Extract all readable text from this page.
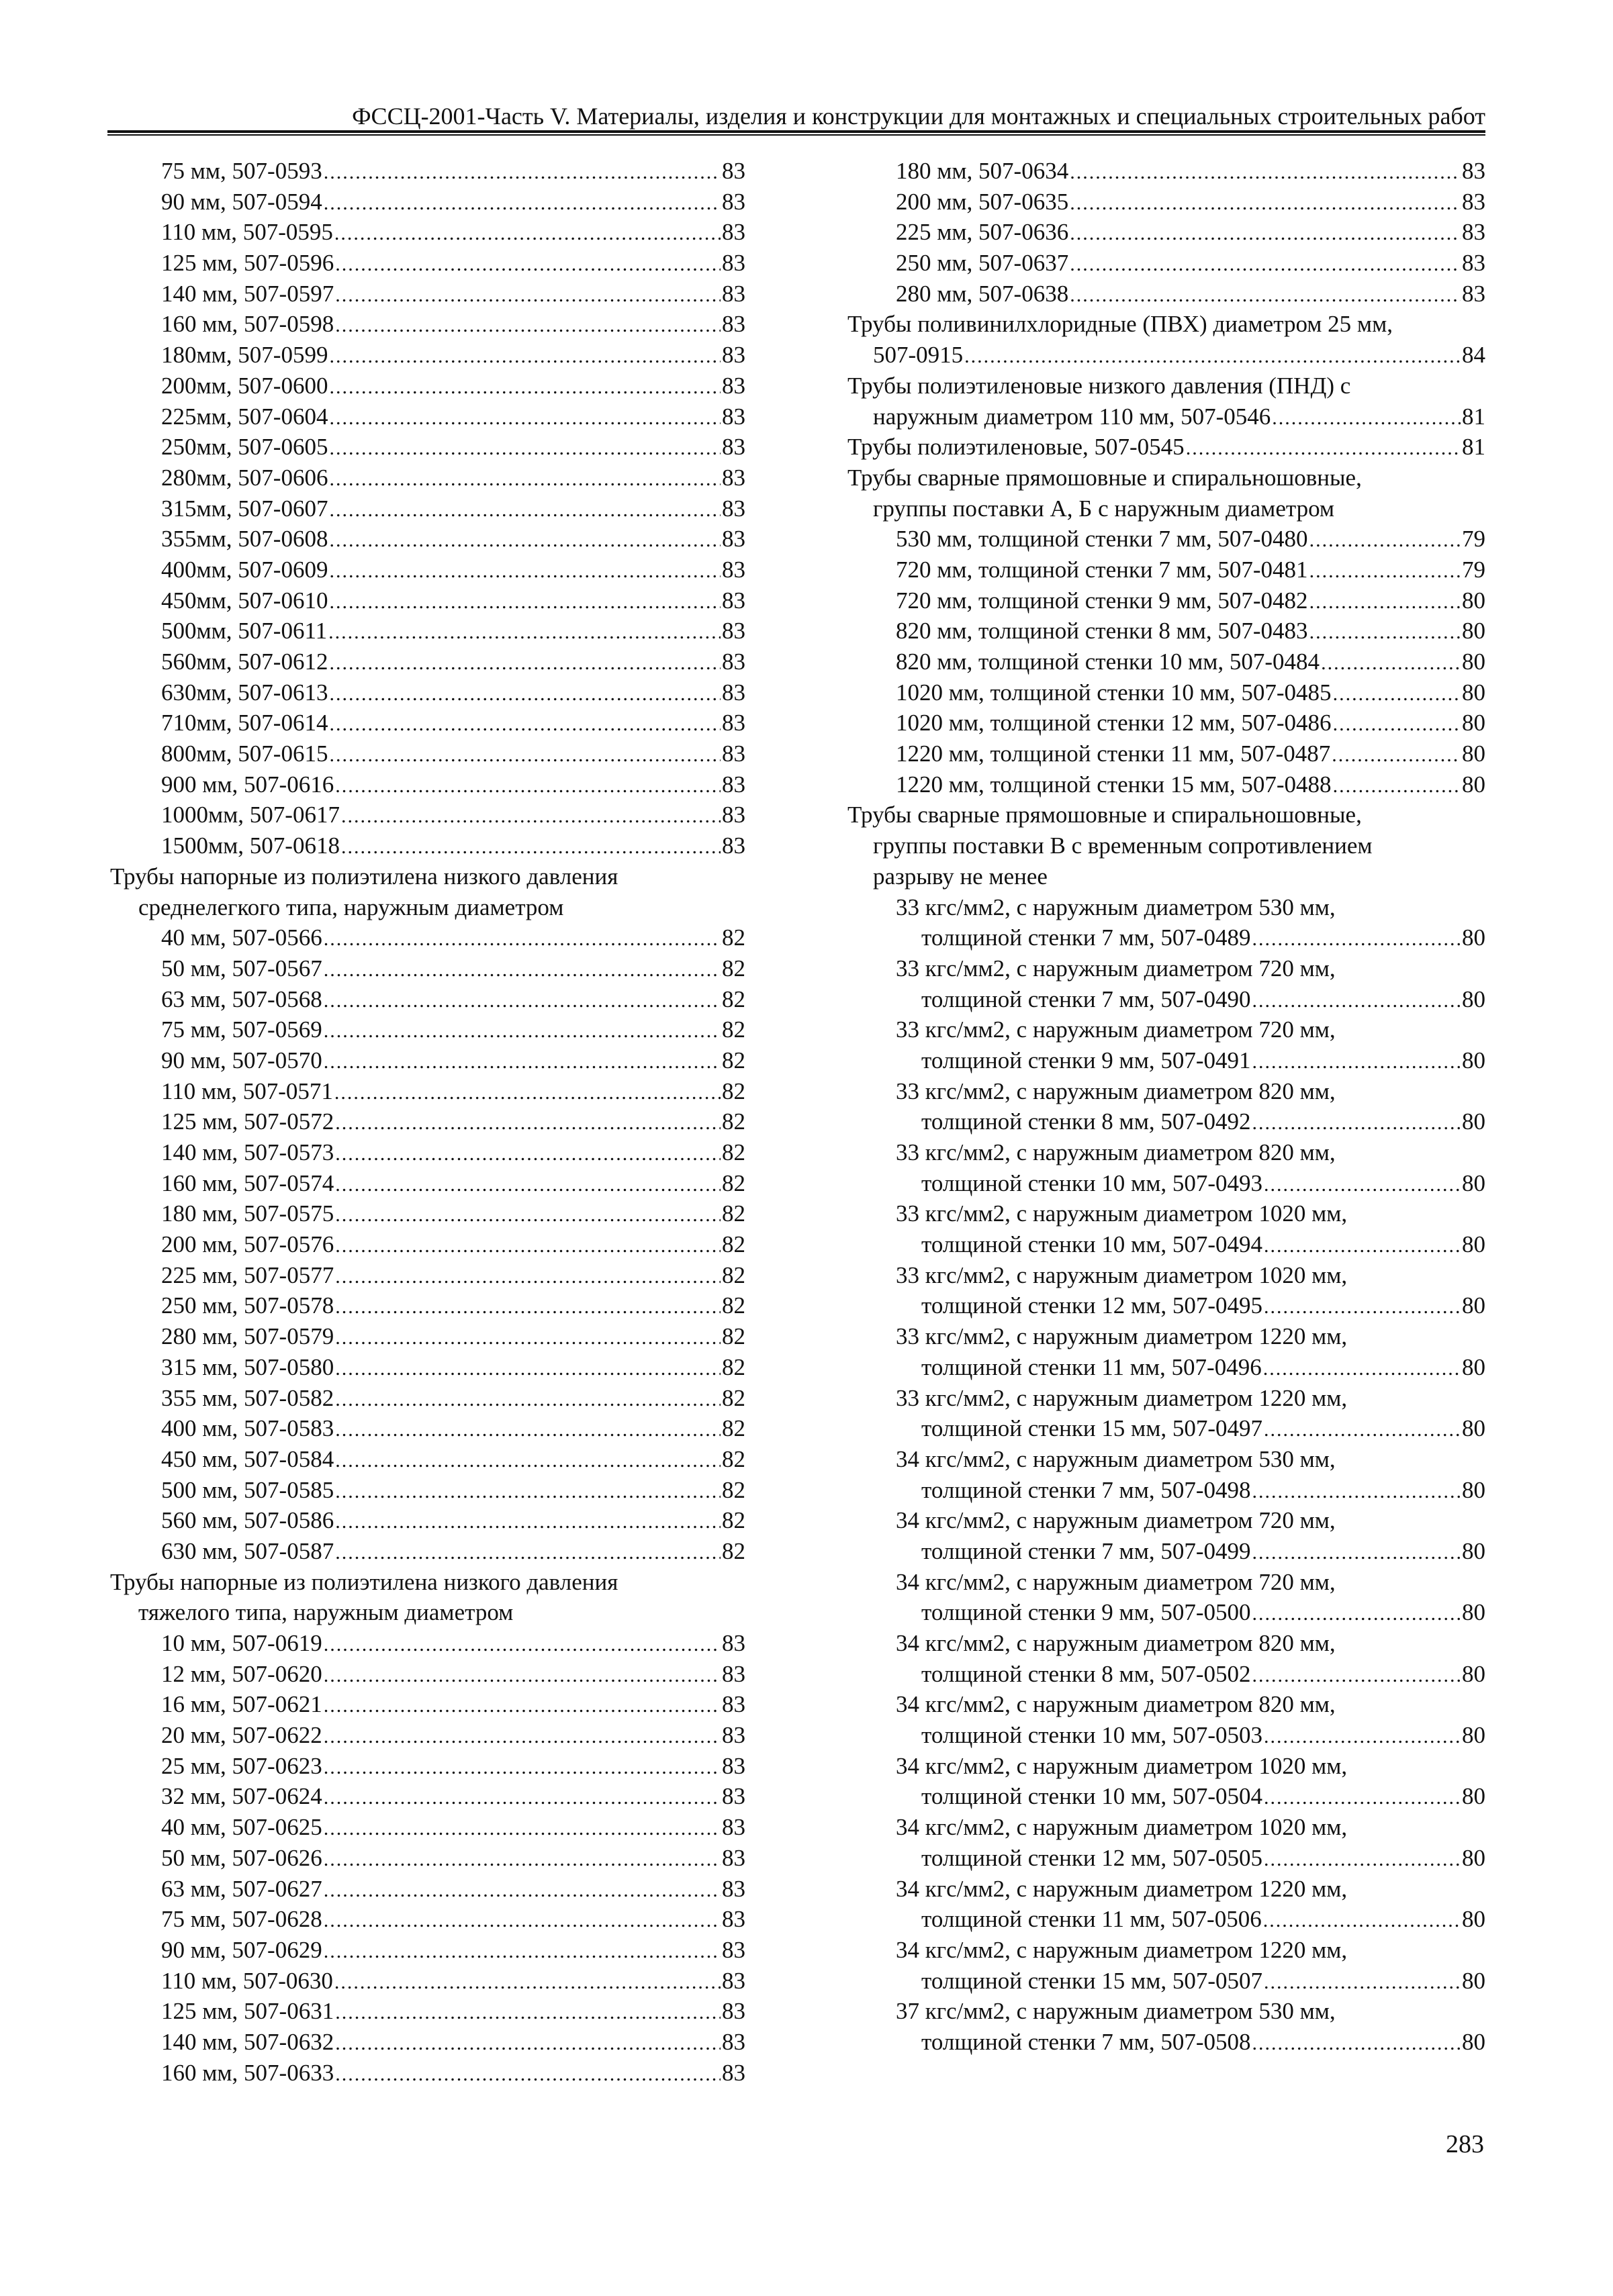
ФССЦ-2001-Часть V. Материалы, изделия и конструкции для монтажных и специальных строительных работ
75 мм, 507-0593 .....	83
90 мм, 507-0594 .....	83
110 мм, 507-0595 .....	83
125 мм, 507-0596 .....	83
140 мм, 507-0597 .....	83
160 мм, 507-0598 .....	83
180мм, 507-0599 .....	83
200мм, 507-0600 .....	83
225мм, 507-0604 .....	83
250мм, 507-0605 .....	83
280мм, 507-0606 .....	83
315мм, 507-0607 .....	83
355мм, 507-0608 .....	83
400мм, 507-0609 .....	83
450мм, 507-0610 .....	83
500мм, 507-0611 .....	83
560мм, 507-0612 .....	83
630мм, 507-0613 .....	83
710мм, 507-0614 .....	83
800мм, 507-0615 .....	83
900 мм, 507-0616 .....	83
1000мм, 507-0617 .....	83
1500мм, 507-0618 .....	83
Трубы напорные из полиэтилена низкого давления
среднелегкого типа, наружным диаметром
40 мм, 507-0566 .....	82
50 мм, 507-0567 .....	82
63 мм, 507-0568 .....	82
75 мм, 507-0569 .....	82
90 мм, 507-0570 .....	82
110 мм, 507-0571 .....	82
125 мм, 507-0572 .....	82
140 мм, 507-0573 .....	82
160 мм, 507-0574 .....	82
180 мм, 507-0575 .....	82
200 мм, 507-0576 .....	82
225 мм, 507-0577 .....	82
250 мм, 507-0578 .....	82
280 мм, 507-0579 .....	82
315 мм, 507-0580 .....	82
355 мм, 507-0582 .....	82
400 мм, 507-0583 .....	82
450 мм, 507-0584 .....	82
500 мм, 507-0585 .....	82
560 мм, 507-0586 .....	82
630 мм, 507-0587 .....	82
Трубы напорные из полиэтилена низкого давления
тяжелого типа, наружным диаметром
10 мм, 507-0619 .....	83
12 мм, 507-0620 .....	83
16 мм, 507-0621 .....	83
20 мм, 507-0622 .....	83
25 мм, 507-0623 .....	83
32 мм, 507-0624 .....	83
40 мм, 507-0625 .....	83
50 мм, 507-0626 .....	83
63 мм, 507-0627 .....	83
75 мм, 507-0628 .....	83
90 мм, 507-0629 .....	83
110 мм, 507-0630 .....	83
125 мм, 507-0631 .....	83
140 мм, 507-0632 .....	83
160 мм, 507-0633 .....	83
180 мм, 507-0634 .....	83
200 мм, 507-0635 .....	83
225 мм, 507-0636 .....	83
250 мм, 507-0637 .....	83
280 мм, 507-0638 .....	83
Трубы поливинилхлоридные (ПВХ) диаметром 25 мм,
507-0915 .....	84
Трубы полиэтиленовые низкого давления (ПНД) с
наружным диаметром 110 мм, 507-0546 .....	81
Трубы полиэтиленовые, 507-0545 .....	81
Трубы сварные прямошовные и спиральношовные,
группы поставки А, Б с наружным диаметром
530 мм, толщиной стенки 7 мм, 507-0480 .....	79
720 мм, толщиной стенки 7 мм, 507-0481 .....	79
720 мм, толщиной стенки 9 мм, 507-0482 .....	80
820 мм, толщиной стенки 8 мм, 507-0483 .....	80
820 мм, толщиной стенки 10 мм, 507-0484 .....	80
1020 мм, толщиной стенки 10 мм, 507-0485 .....	80
1020 мм, толщиной стенки 12 мм, 507-0486 .....	80
1220 мм, толщиной стенки 11 мм, 507-0487 .....	80
1220 мм, толщиной стенки 15 мм, 507-0488 .....	80
Трубы сварные прямошовные и спиральношовные,
группы поставки В с временным сопротивлением
разрыву не менее
33 кгс/мм2, с наружным диаметром 530 мм,
толщиной стенки 7 мм, 507-0489 .....	80
33 кгс/мм2, с наружным диаметром 720 мм,
толщиной стенки 7 мм, 507-0490 .....	80
33 кгс/мм2, с наружным диаметром 720 мм,
толщиной стенки 9 мм, 507-0491 .....	80
33 кгс/мм2, с наружным диаметром 820 мм,
толщиной стенки 8 мм, 507-0492 .....	80
33 кгс/мм2, с наружным диаметром 820 мм,
толщиной стенки 10 мм, 507-0493 .....	80
33 кгс/мм2, с наружным диаметром 1020 мм,
толщиной стенки 10 мм, 507-0494 .....	80
33 кгс/мм2, с наружным диаметром 1020 мм,
толщиной стенки 12 мм, 507-0495 .....	80
33 кгс/мм2, с наружным диаметром 1220 мм,
толщиной стенки 11 мм, 507-0496 .....	80
33 кгс/мм2, с наружным диаметром 1220 мм,
толщиной стенки 15 мм, 507-0497 .....	80
34 кгс/мм2, с наружным диаметром 530 мм,
толщиной стенки 7 мм, 507-0498 .....	80
34 кгс/мм2, с наружным диаметром 720 мм,
толщиной стенки 7 мм, 507-0499 .....	80
34 кгс/мм2, с наружным диаметром 720 мм,
толщиной стенки 9 мм, 507-0500 .....	80
34 кгс/мм2, с наружным диаметром 820 мм,
толщиной стенки 8 мм, 507-0502 .....	80
34 кгс/мм2, с наружным диаметром 820 мм,
толщиной стенки 10 мм, 507-0503 .....	80
34 кгс/мм2, с наружным диаметром 1020 мм,
толщиной стенки 10 мм, 507-0504 .....	80
34 кгс/мм2, с наружным диаметром 1020 мм,
толщиной стенки 12 мм, 507-0505 .....	80
34 кгс/мм2, с наружным диаметром 1220 мм,
толщиной стенки 11 мм, 507-0506 .....	80
34 кгс/мм2, с наружным диаметром 1220 мм,
толщиной стенки 15 мм, 507-0507 .....	80
37 кгс/мм2, с наружным диаметром 530 мм,
толщиной стенки 7 мм, 507-0508 .....	80
283
